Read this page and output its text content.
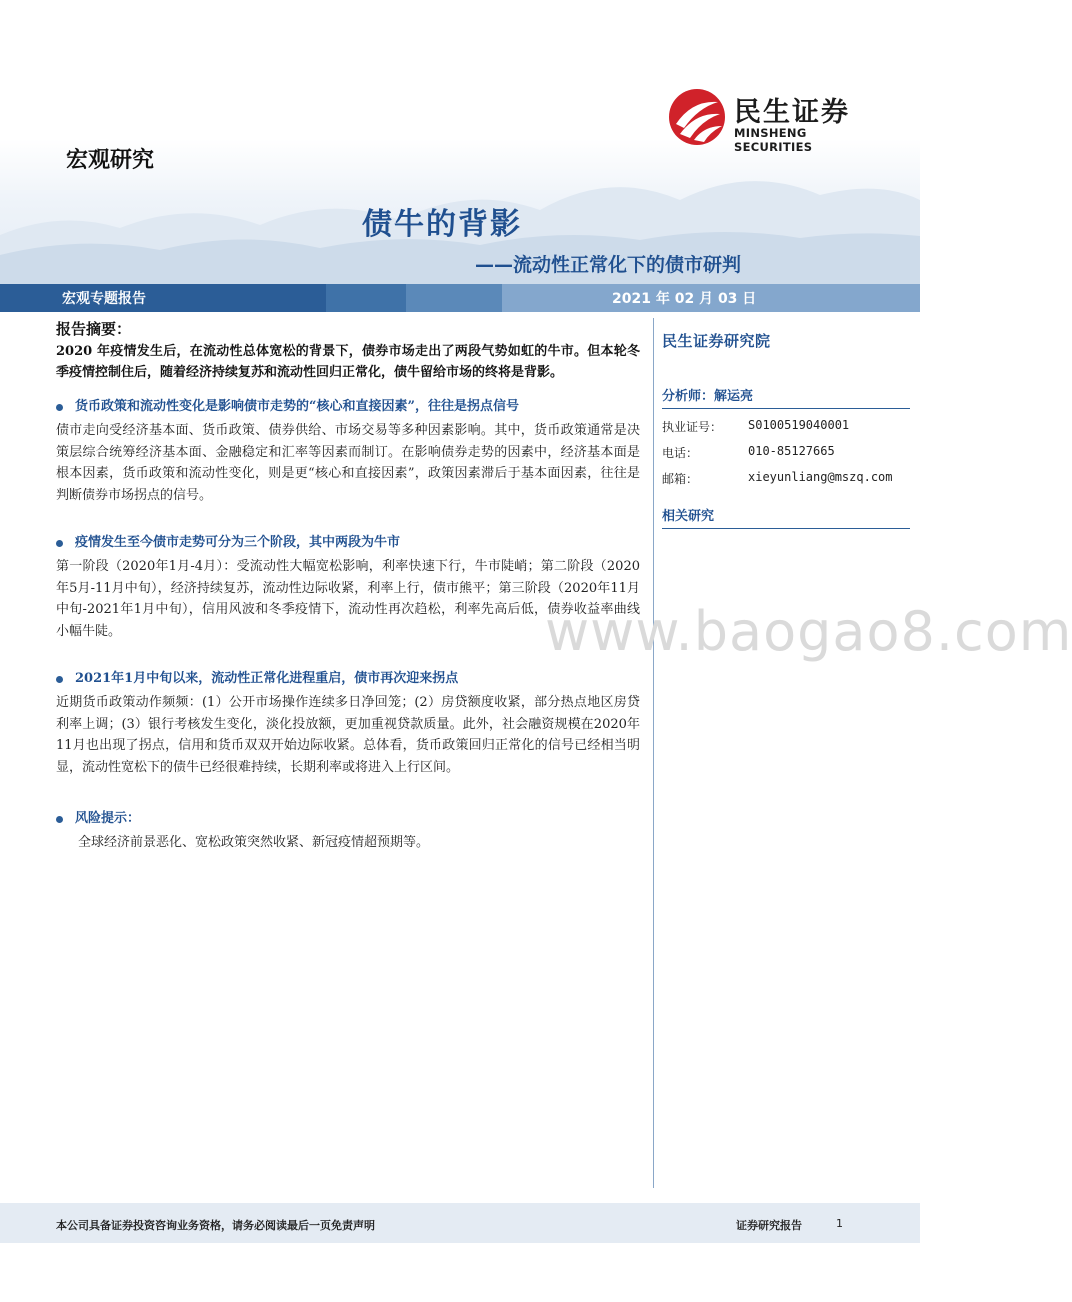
宏观研究
民生证券
MINSHENG SECURITIES
债牛的背影
——流动性正常化下的债市研判
宏观专题报告	2021 年 02 月 03 日
报告摘要：
2020 年疫情发生后，在流动性总体宽松的背景下，债券市场走出了两段气势如虹的牛市。但本轮冬季疫情控制住后，随着经济持续复苏和流动性回归正常化，债牛留给市场的终将是背影。
货币政策和流动性变化是影响债市走势的“核心和直接因素”，往往是拐点信号
债市走向受经济基本面、货币政策、债券供给、市场交易等多种因素影响。其中，货币政策通常是决策层综合统筹经济基本面、金融稳定和汇率等因素而制订。在影响债券走势的因素中，经济基本面是根本因素，货币政策和流动性变化，则是更“核心和直接因素”，政策因素滞后于基本面因素，往往是判断债券市场拐点的信号。
疫情发生至今债市走势可分为三个阶段，其中两段为牛市
第一阶段（2020年1月-4月）：受流动性大幅宽松影响，利率快速下行，牛市陡峭；第二阶段（2020年5月-11月中旬），经济持续复苏，流动性边际收紧，利率上行，债市熊平；第三阶段（2020年11月中旬-2021年1月中旬），信用风波和冬季疫情下，流动性再次趋松，利率先高后低，债券收益率曲线小幅牛陡。
2021年1月中旬以来，流动性正常化进程重启，债市再次迎来拐点
近期货币政策动作频频：(1）公开市场操作连续多日净回笼；(2）房贷额度收紧，部分热点地区房贷利率上调；(3）银行考核发生变化，淡化投放额，更加重视贷款质量。此外，社会融资规模在2020年11月也出现了拐点，信用和货币双双开始边际收紧。总体看，货币政策回归正常化的信号已经相当明显，流动性宽松下的债牛已经很难持续，长期利率或将进入上行区间。
风险提示：
全球经济前景恶化、宽松政策突然收紧、新冠疫情超预期等。
民生证券研究院
分析师：解运亮
执业证号：	S0100519040001
电话：	010-85127665
邮箱：	xieyunliang@mszq.com
相关研究
www.baogao8.com
本公司具备证券投资咨询业务资格，请务必阅读最后一页免责声明	证券研究报告	1
